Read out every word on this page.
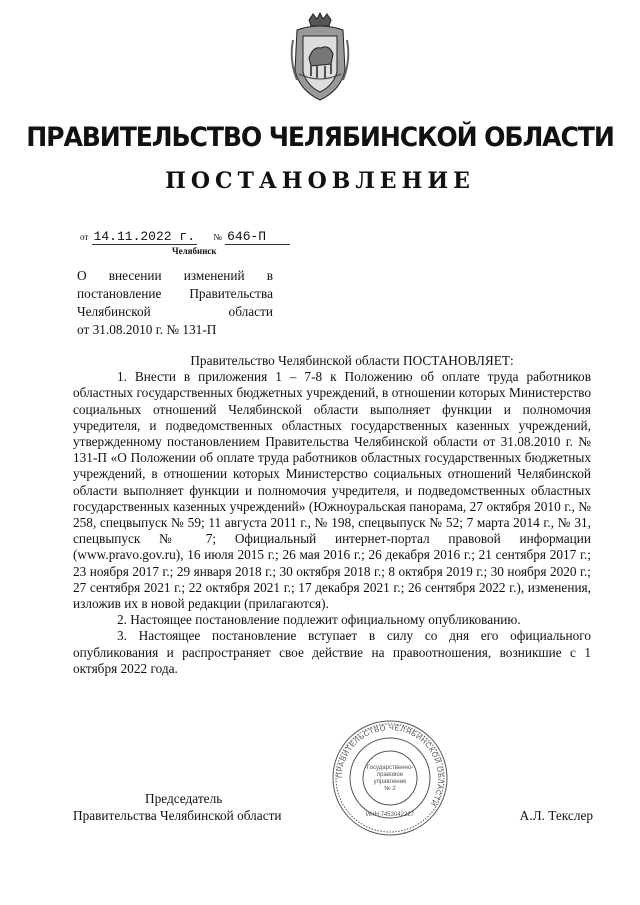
ПРАВИТЕЛЬСТВО ЧЕЛЯБИНСКОЙ ОБЛАСТИ
ПОСТАНОВЛЕНИЕ
от 14.11.2022 г. № 646-П
Челябинск
О внесении изменений в
постановление Правительства
Челябинской области
от 31.08.2010 г. № 131-П

Правительство Челябинской области ПОСТАНОВЛЯЕТ:

1. Внести в приложения 1 – 7-8 к Положению об оплате труда работников областных государственных бюджетных учреждений, в отношении которых Министерство социальных отношений Челябинской области выполняет функции и полномочия учредителя, и подведомственных областных государственных казенных учреждений, утвержденному постановлением Правительства Челябинской области от 31.08.2010 г. № 131-П «О Положении об оплате труда работников областных государственных бюджетных учреждений, в отношении которых Министерство социальных отношений Челябинской области выполняет функции и полномочия учредителя, и подведомственных областных государственных казенных учреждений» (Южноуральская панорама, 27 октября 2010 г., № 258, спецвыпуск № 59; 11 августа 2011 г., № 198, спецвыпуск № 52; 7 марта 2014 г., № 31, спецвыпуск № 7; Официальный интернет-портал правовой информации (www.pravo.gov.ru), 16 июля 2015 г.; 26 мая 2016 г.; 26 декабря 2016 г.; 21 сентября 2017 г.; 23 ноября 2017 г.; 29 января 2018 г.; 30 октября 2018 г.; 8 октября 2019 г.; 30 ноября 2020 г.; 27 сентября 2021 г.; 22 октября 2021 г.; 17 декабря 2021 г.; 26 сентября 2022 г.), изменения, изложив их в новой редакции (прилагаются).

2. Настоящее постановление подлежит официальному опубликованию.

3. Настоящее постановление вступает в силу со дня его официального опубликования и распространяет свое действие на правоотношения, возникшие с 1 октября 2022 года.

ПРАВИТЕЛЬСТВО ЧЕЛЯБИНСКОЙ ОБЛАСТИ
Государственно-
правовое
управление
№ 2
ИНН 7453042227
Председатель
Правительства Челябинской области	А.Л. Текслер
